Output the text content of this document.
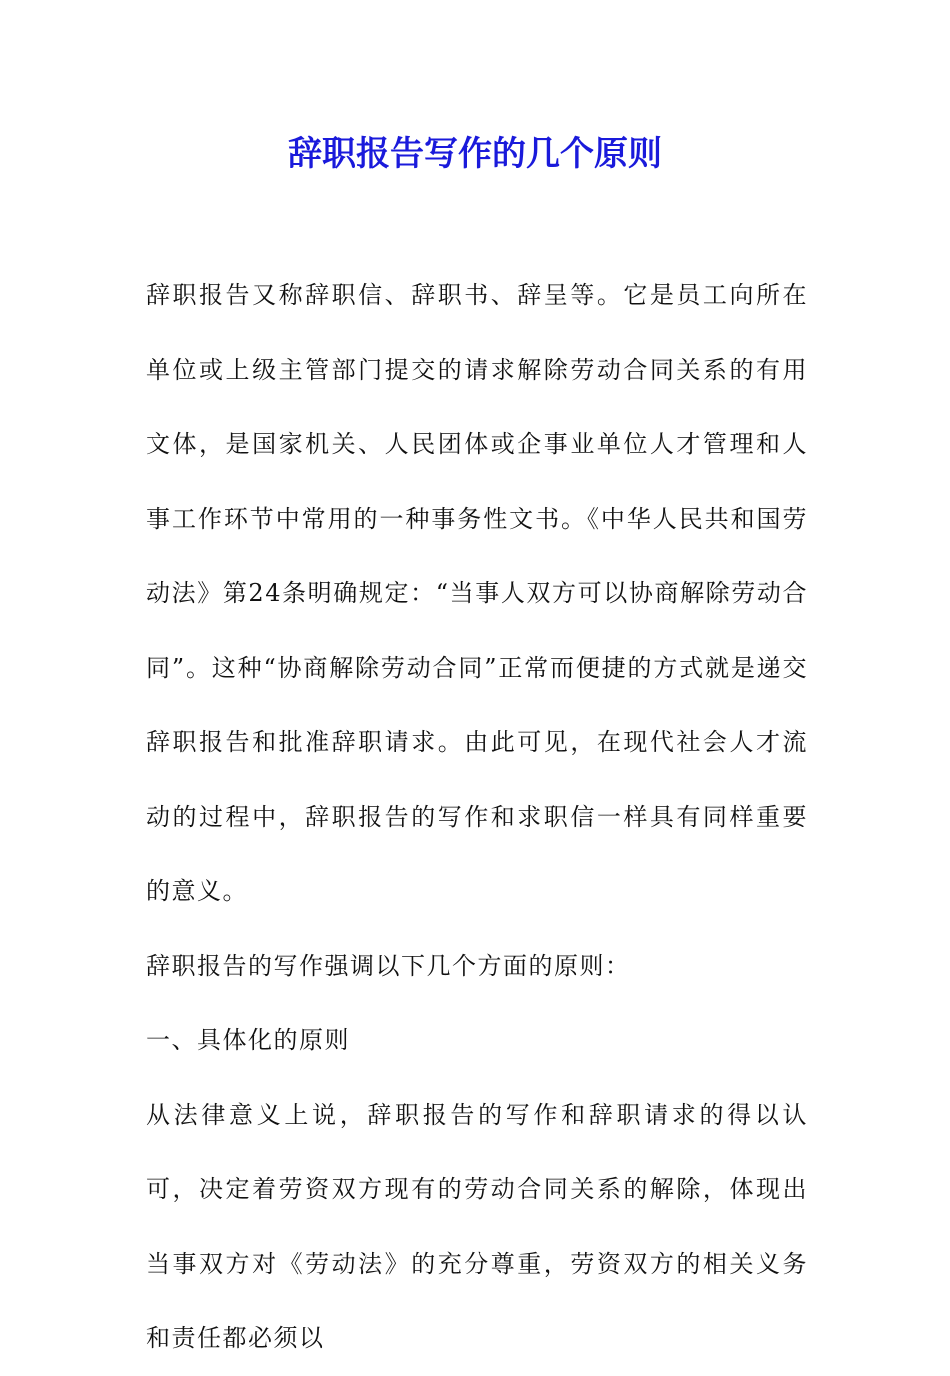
辞职报告写作的几个原则

辞职报告又称辞职信、辞职书、辞呈等。它是员工向所在单位或上级主管部门提交的请求解除劳动合同关系的有用文体，是国家机关、人民团体或企事业单位人才管理和人事工作环节中常用的一种事务性文书。《中华人民共和国劳动法》第24条明确规定：“当事人双方可以协商解除劳动合同”。这种“协商解除劳动合同”正常而便捷的方式就是递交辞职报告和批准辞职请求。由此可见，在现代社会人才流动的过程中，辞职报告的写作和求职信一样具有同样重要的意义。

辞职报告的写作强调以下几个方面的原则：

一、具体化的原则

从法律意义上说，辞职报告的写作和辞职请求的得以认可，决定着劳资双方现有的劳动合同关系的解除，体现出当事双方对《劳动法》的充分尊重，劳资双方的相关义务和责任都必须以
